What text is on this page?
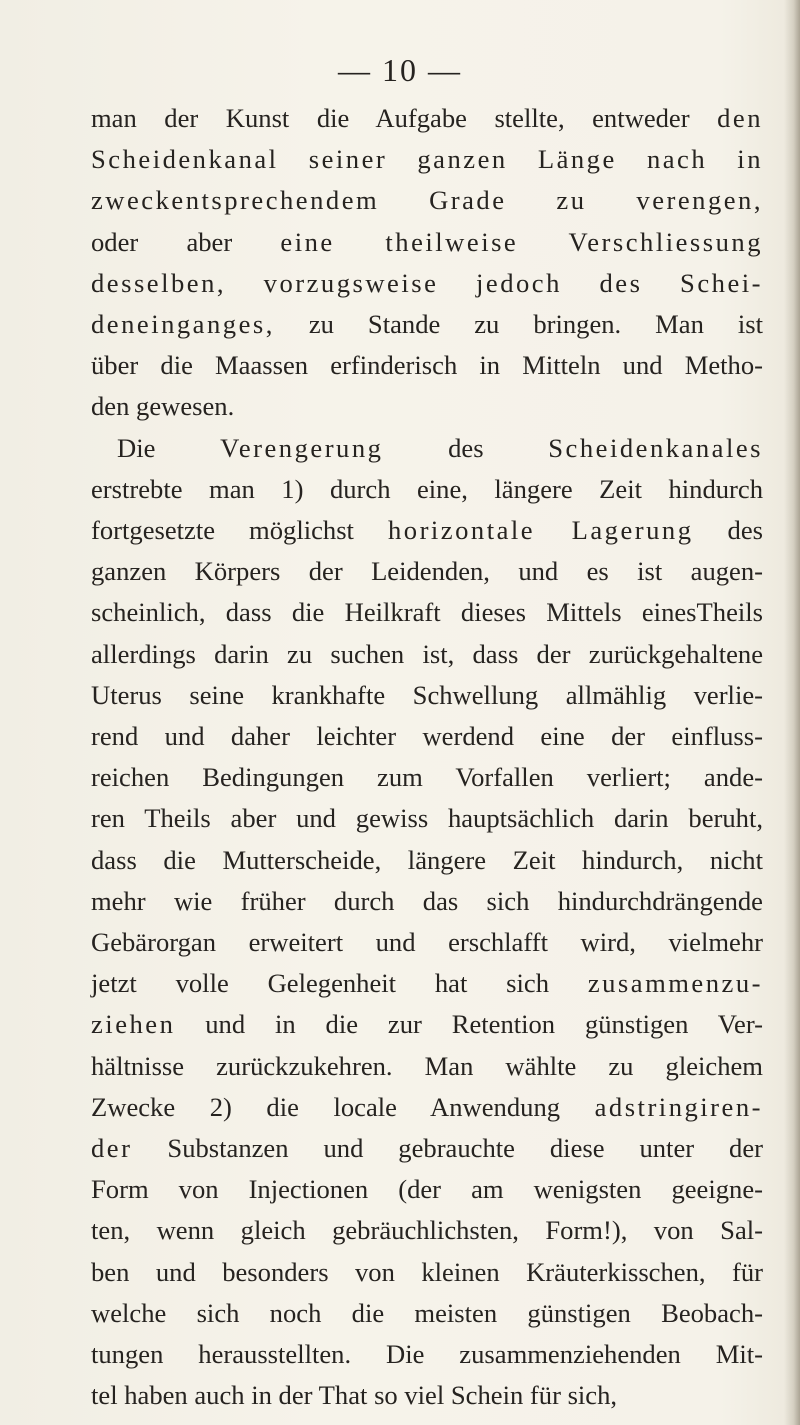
— 10 —
man der Kunst die Aufgabe stellte, entweder den
Scheidenkanal seiner ganzen Länge nach in
zweckentsprechendem Grade zu verengen,
oder aber eine theilweise Verschliessung
desselben, vorzugsweise jedoch des Schei-
deneinganges, zu Stande zu bringen. Man ist
über die Maassen erfinderisch in Mitteln und Metho-
den gewesen.
Die Verengerung des Scheidenkanales
erstrebte man 1) durch eine, längere Zeit hindurch
fortgesetzte möglichst horizontale Lagerung des
ganzen Körpers der Leidenden, und es ist augen-
scheinlich, dass die Heilkraft dieses Mittels einesTheils
allerdings darin zu suchen ist, dass der zurückgehaltene
Uterus seine krankhafte Schwellung allmählig verlie-
rend und daher leichter werdend eine der einfluss-
reichen Bedingungen zum Vorfallen verliert; ande-
ren Theils aber und gewiss hauptsächlich darin beruht,
dass die Mutterscheide, längere Zeit hindurch, nicht
mehr wie früher durch das sich hindurchdrängende
Gebärorgan erweitert und erschlafft wird, vielmehr
jetzt volle Gelegenheit hat sich zusammenzu-
ziehen und in die zur Retention günstigen Ver-
hältnisse zurückzukehren. Man wählte zu gleichem
Zwecke 2) die locale Anwendung adstringiren-
der Substanzen und gebrauchte diese unter der
Form von Injectionen (der am wenigsten geeigne-
ten, wenn gleich gebräuchlichsten, Form!), von Sal-
ben und besonders von kleinen Kräuterkisschen, für
welche sich noch die meisten günstigen Beobach-
tungen herausstellten. Die zusammenziehenden Mit-
tel haben auch in der That so viel Schein für sich,
